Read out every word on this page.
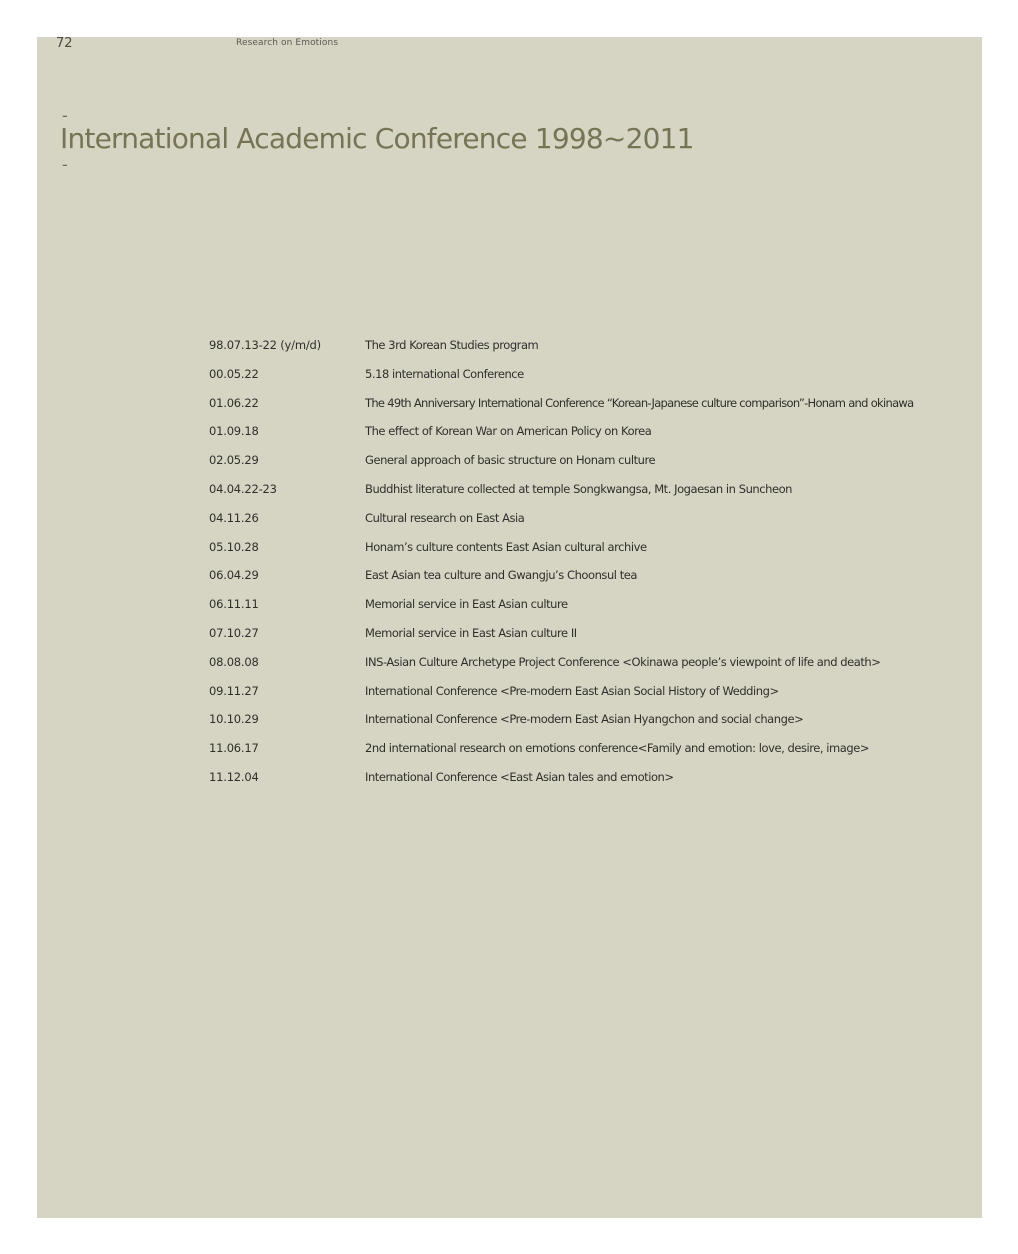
72	Research on Emotions
-
International Academic Conference 1998~2011
-
98.07.13-22 (y/m/d)	The 3rd Korean Studies program
00.05.22	5.18 international Conference
01.06.22	The 49th Anniversary International Conference “Korean-Japanese culture comparison”-Honam and okinawa
01.09.18	The effect of Korean War on American Policy on Korea
02.05.29	General approach of basic structure on Honam culture
04.04.22-23	Buddhist literature collected at temple Songkwangsa, Mt. Jogaesan in Suncheon
04.11.26	Cultural research on East Asia
05.10.28	Honam’s culture contents East Asian cultural archive
06.04.29	East Asian tea culture and Gwangju’s Choonsul tea
06.11.11	Memorial service in East Asian culture
07.10.27	Memorial service in East Asian culture II
08.08.08	INS-Asian Culture Archetype Project Conference <Okinawa people’s viewpoint of life and death>
09.11.27	International Conference <Pre-modern East Asian Social History of Wedding>
10.10.29	International Conference <Pre-modern East Asian Hyangchon and social change>
11.06.17	2nd international research on emotions conference<Family and emotion: love, desire, image>
11.12.04	International Conference <East Asian tales and emotion>
